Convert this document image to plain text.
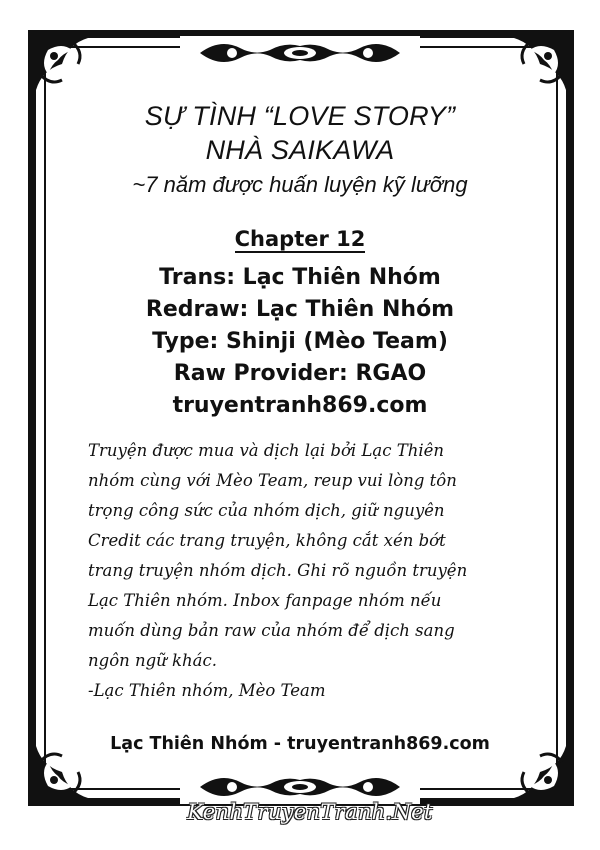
SỰ TÌNH “LOVE STORY”
NHÀ SAIKAWA
~7 năm được huấn luyện kỹ lưỡng
Chapter 12
Trans: Lạc Thiên Nhóm
Redraw: Lạc Thiên Nhóm
Type: Shinji (Mèo Team)
Raw Provider: RGAO
truyentranh869.com
Truyện được mua và dịch lại bởi Lạc Thiên
nhóm cùng với Mèo Team, reup vui lòng tôn
trọng công sức của nhóm dịch, giữ nguyên
Credit các trang truyện, không cắt xén bớt
trang truyện nhóm dịch. Ghi rõ nguồn truyện
Lạc Thiên nhóm. Inbox fanpage nhóm nếu
muốn dùng bản raw của nhóm để dịch sang
ngôn ngữ khác.
-Lạc Thiên nhóm, Mèo Team
Lạc Thiên Nhóm - truyentranh869.com
KenhTruyenTranh.Net
